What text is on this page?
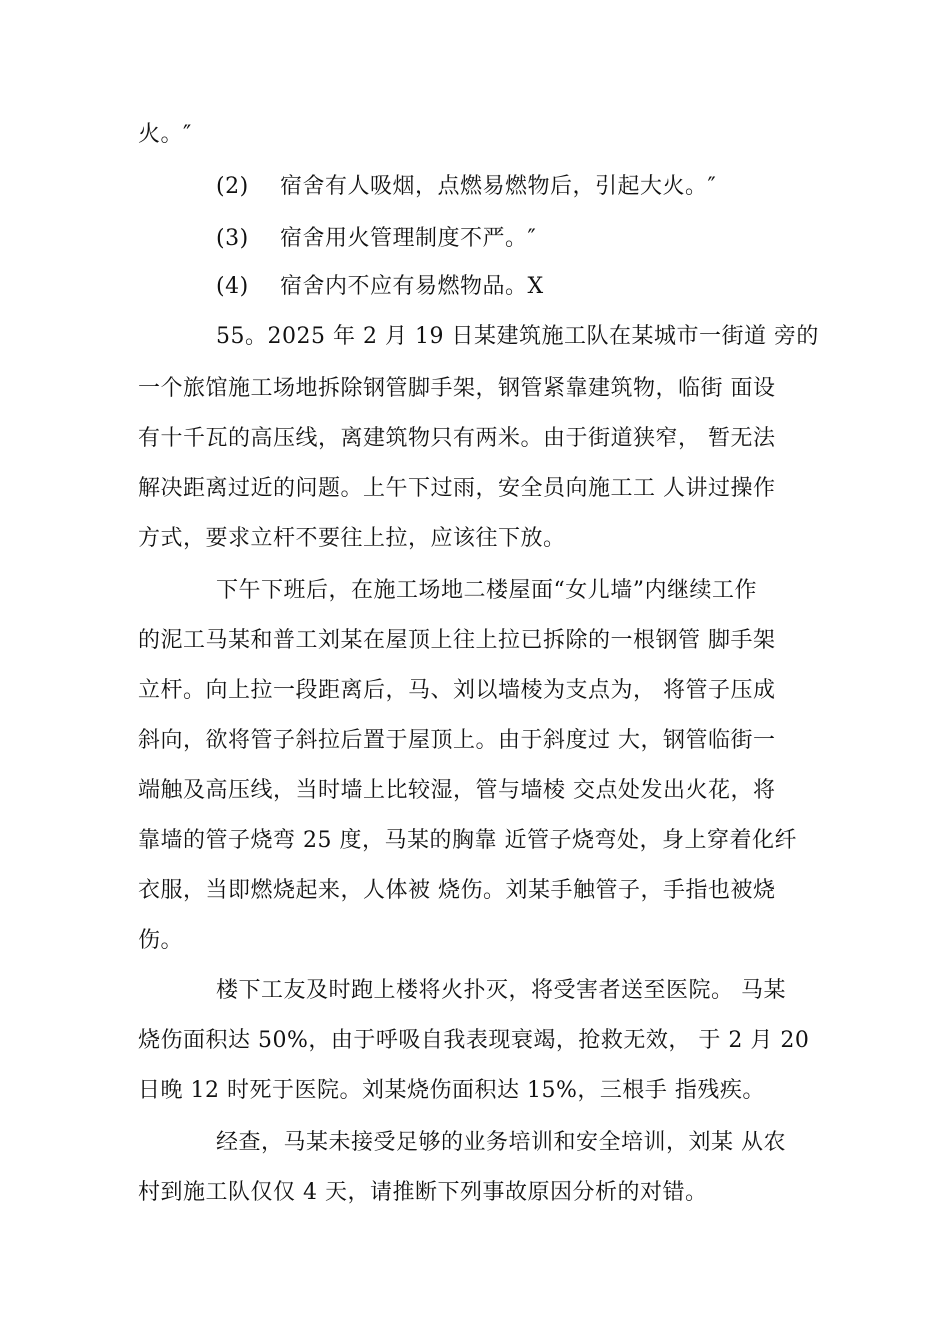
火。″
(2) 宿舍有人吸烟，点燃易燃物后，引起大火。″
(3) 宿舍用火管理制度不严。″
(4) 宿舍内不应有易燃物品。X
55。2025 年 2 月 19 日某建筑施工队在某城市一街道 旁的
一个旅馆施工场地拆除钢管脚手架，钢管紧靠建筑物，临街 面设
有十千瓦的高压线，离建筑物只有两米。由于街道狭窄， 暂无法
解决距离过近的问题。上午下过雨，安全员向施工工 人讲过操作
方式，要求立杆不要往上拉，应该往下放。
下午下班后，在施工场地二楼屋面“女儿墙”内继续工作
的泥工马某和普工刘某在屋顶上往上拉已拆除的一根钢管 脚手架
立杆。向上拉一段距离后，马、刘以墙棱为支点为， 将管子压成
斜向，欲将管子斜拉后置于屋顶上。由于斜度过 大，钢管临街一
端触及高压线，当时墙上比较湿，管与墙棱 交点处发出火花，将
靠墙的管子烧弯 25 度，马某的胸靠 近管子烧弯处，身上穿着化纤
衣服，当即燃烧起来，人体被 烧伤。刘某手触管子，手指也被烧
伤。
楼下工友及时跑上楼将火扑灭，将受害者送至医院。 马某
烧伤面积达 50%，由于呼吸自我表现衰竭，抢救无效， 于 2 月 20
日晚 12 时死于医院。刘某烧伤面积达 15%，三根手 指残疾。
经查，马某未接受足够的业务培训和安全培训，刘某 从农
村到施工队仅仅 4 天，请推断下列事故原因分析的对错。
